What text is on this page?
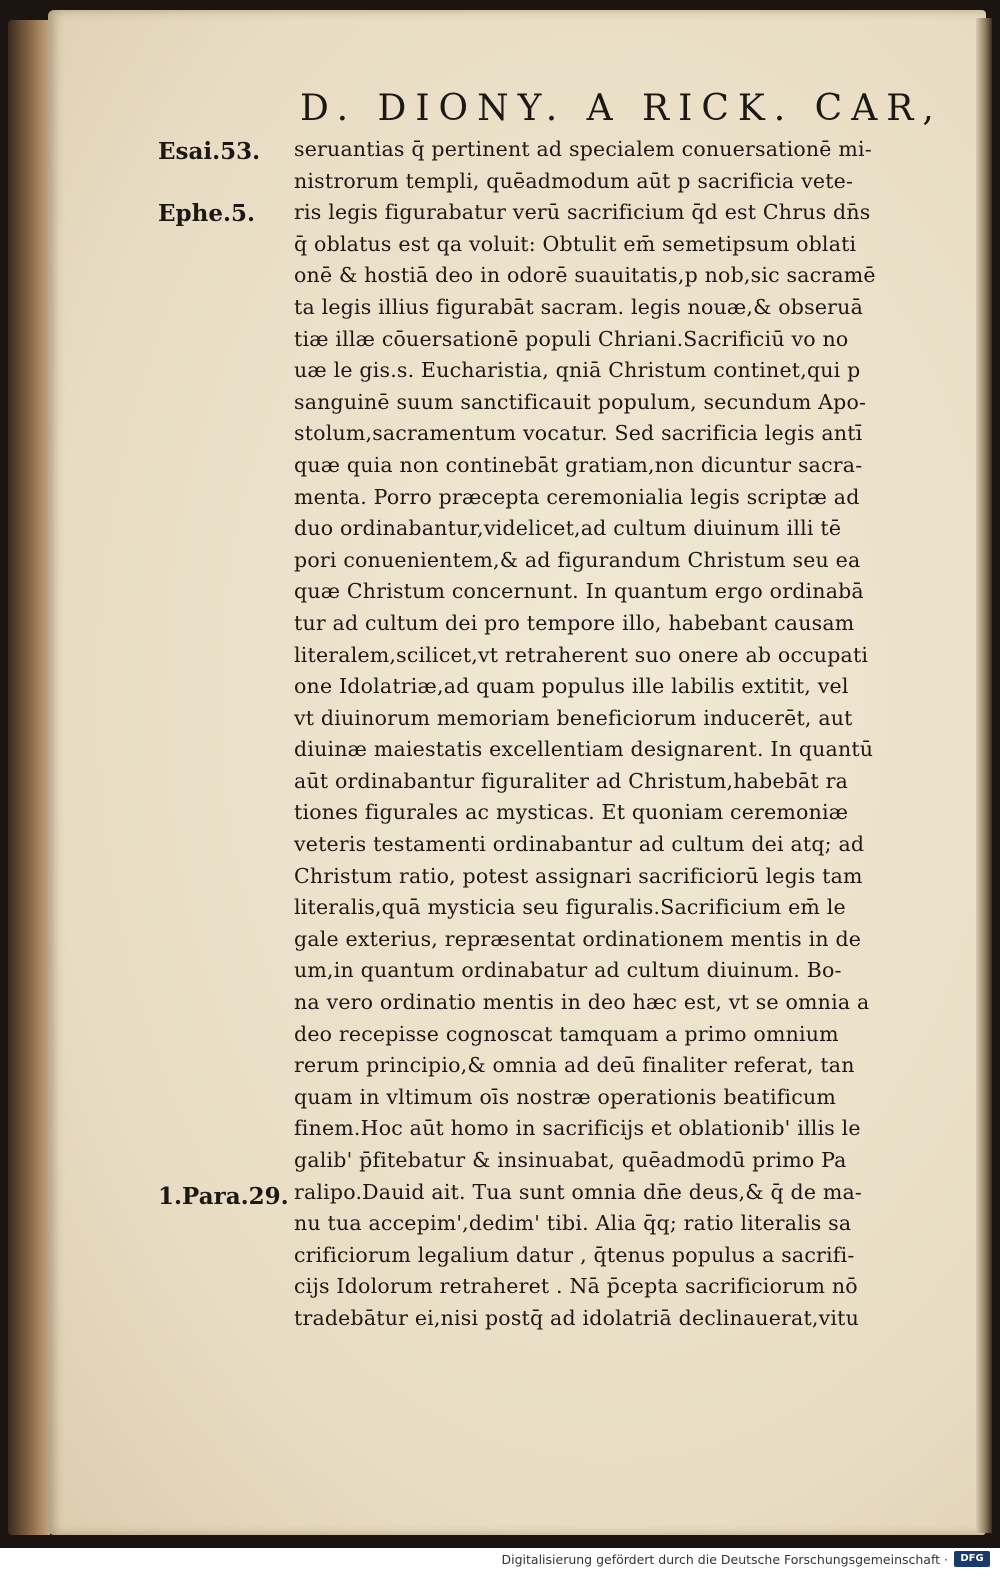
D. DIONY. A RICK. CAR,
Esai.53.
Ephe.5.
1.Para.29.
seruantias q̄ pertinent ad specialem conuersationē mi-
nistrorum templi, quēadmodum aūt p sacrificia vete-
ris legis figurabatur verū sacrificium q̄d est Chrus dn̄s
q̄ oblatus est qa voluit: Obtulit em̄ semetipsum oblati
onē & hostiā deo in odorē suauitatis,p nob,sic sacramē
ta legis illius figurabāt sacram. legis nouæ,& obseruā
tiæ illæ cōuersationē populi Chriani.Sacrificiū vo no
uæ le gis.s. Eucharistia, qniā Christum continet,qui p
sanguinē suum sanctificauit populum, secundum Apo-
stolum,sacramentum vocatur. Sed sacrificia legis antī
quæ quia non continebāt gratiam,non dicuntur sacra-
menta. Porro præcepta ceremonialia legis scriptæ ad
duo ordinabantur,videlicet,ad cultum diuinum illi tē
pori conuenientem,& ad figurandum Christum seu ea
quæ Christum concernunt. In quantum ergo ordinabā
tur ad cultum dei pro tempore illo, habebant causam
literalem,scilicet,vt retraherent suo onere ab occupati
one Idolatriæ,ad quam populus ille labilis extitit, vel
vt diuinorum memoriam beneficiorum inducerēt, aut
diuinæ maiestatis excellentiam designarent. In quantū
aūt ordinabantur figuraliter ad Christum,habebāt ra
tiones figurales ac mysticas. Et quoniam ceremoniæ
veteris testamenti ordinabantur ad cultum dei atq; ad
Christum ratio, potest assignari sacrificiorū legis tam
literalis,quā mysticia seu figuralis.Sacrificium em̄ le
gale exterius, repræsentat ordinationem mentis in de
um,in quantum ordinabatur ad cultum diuinum. Bo-
na vero ordinatio mentis in deo hæc est, vt se omnia a
deo recepisse cognoscat tamquam a primo omnium
rerum principio,& omnia ad deū finaliter referat, tan
quam in vltimum oīs nostræ operationis beatificum
finem.Hoc aūt homo in sacrificijs et oblationib' illis le
galib' p̄fitebatur & insinuabat, quēadmodū primo Pa
ralipo.Dauid ait. Tua sunt omnia dn̄e deus,& q̄ de ma-
nu tua accepim',dedim' tibi. Alia q̄q; ratio literalis sa
crificiorum legalium datur , q̄tenus populus a sacrifi-
cijs Idolorum retraheret . Nā p̄cepta sacrificiorum nō
tradebātur ei,nisi postq̄ ad idolatriā declinauerat,vitu
Digitalisierung gefördert durch die Deutsche Forschungsgemeinschaft ·	DFG
